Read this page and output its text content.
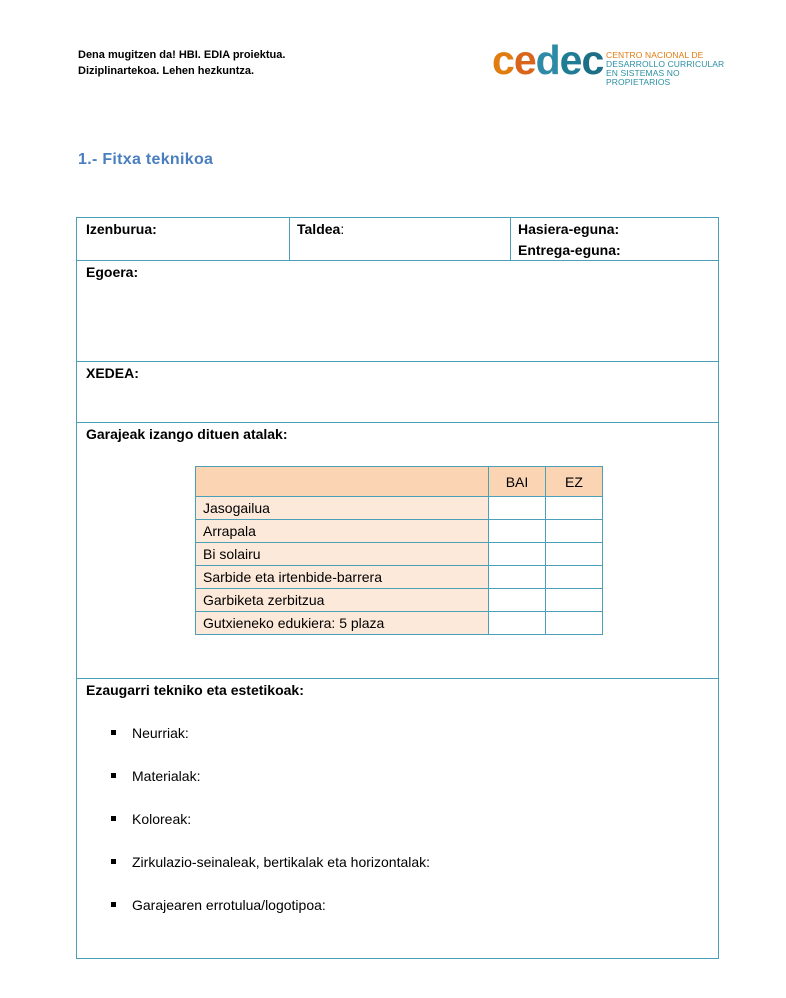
Dena mugitzen da! HBI. EDIA proiektua.
Diziplinartekoa. Lehen hezkuntza.	cedec CENTRO NACIONAL DE
DESARROLLO CURRICULAR
EN SISTEMAS NO PROPIETARIOS
1.- Fitxa teknikoa
Izenburua:	Taldea:	Hasiera-eguna:
Entrega-eguna:
Egoera:
XEDEA:
Garajeak izango dituen atalak:
	BAI	EZ
Jasogailua		
Arrapala		
Bi solairu		
Sarbide eta irtenbide-barrera		
Garbiketa zerbitzua		
Gutxieneko edukiera: 5 plaza		
Ezaugarri tekniko eta estetikoak:
Neurriak:
Materialak:
Koloreak:
Zirkulazio-seinaleak, bertikalak eta horizontalak:
Garajearen errotulua/logotipoa:
